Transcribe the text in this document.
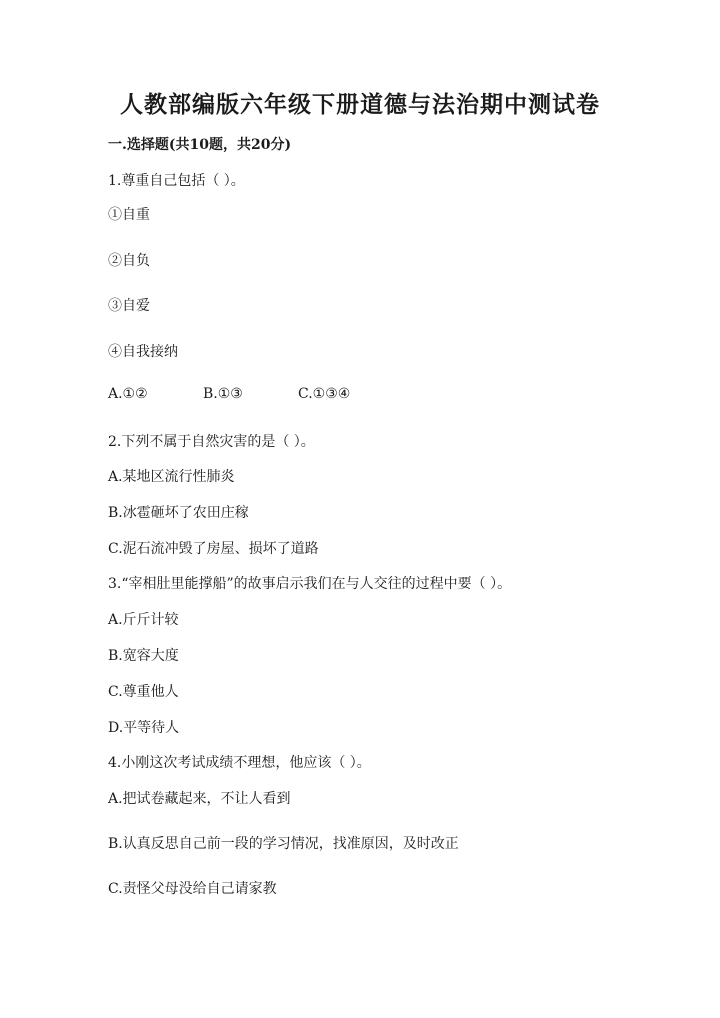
人教部编版六年级下册道德与法治期中测试卷
一.选择题(共10题，共20分)
1.尊重自己包括（ ）。
①自重
②自负
③自爱
④自我接纳
A.①②	B.①③	C.①③④
2.下列不属于自然灾害的是（ ）。
A.某地区流行性肺炎
B.冰雹砸坏了农田庄稼
C.泥石流冲毁了房屋、损坏了道路
3.“宰相肚里能撑船”的故事启示我们在与人交往的过程中要（ ）。
A.斤斤计较
B.宽容大度
C.尊重他人
D.平等待人
4.小刚这次考试成绩不理想，他应该（ ）。
A.把试卷藏起来，不让人看到
B.认真反思自己前一段的学习情况，找准原因，及时改正
C.责怪父母没给自己请家教
